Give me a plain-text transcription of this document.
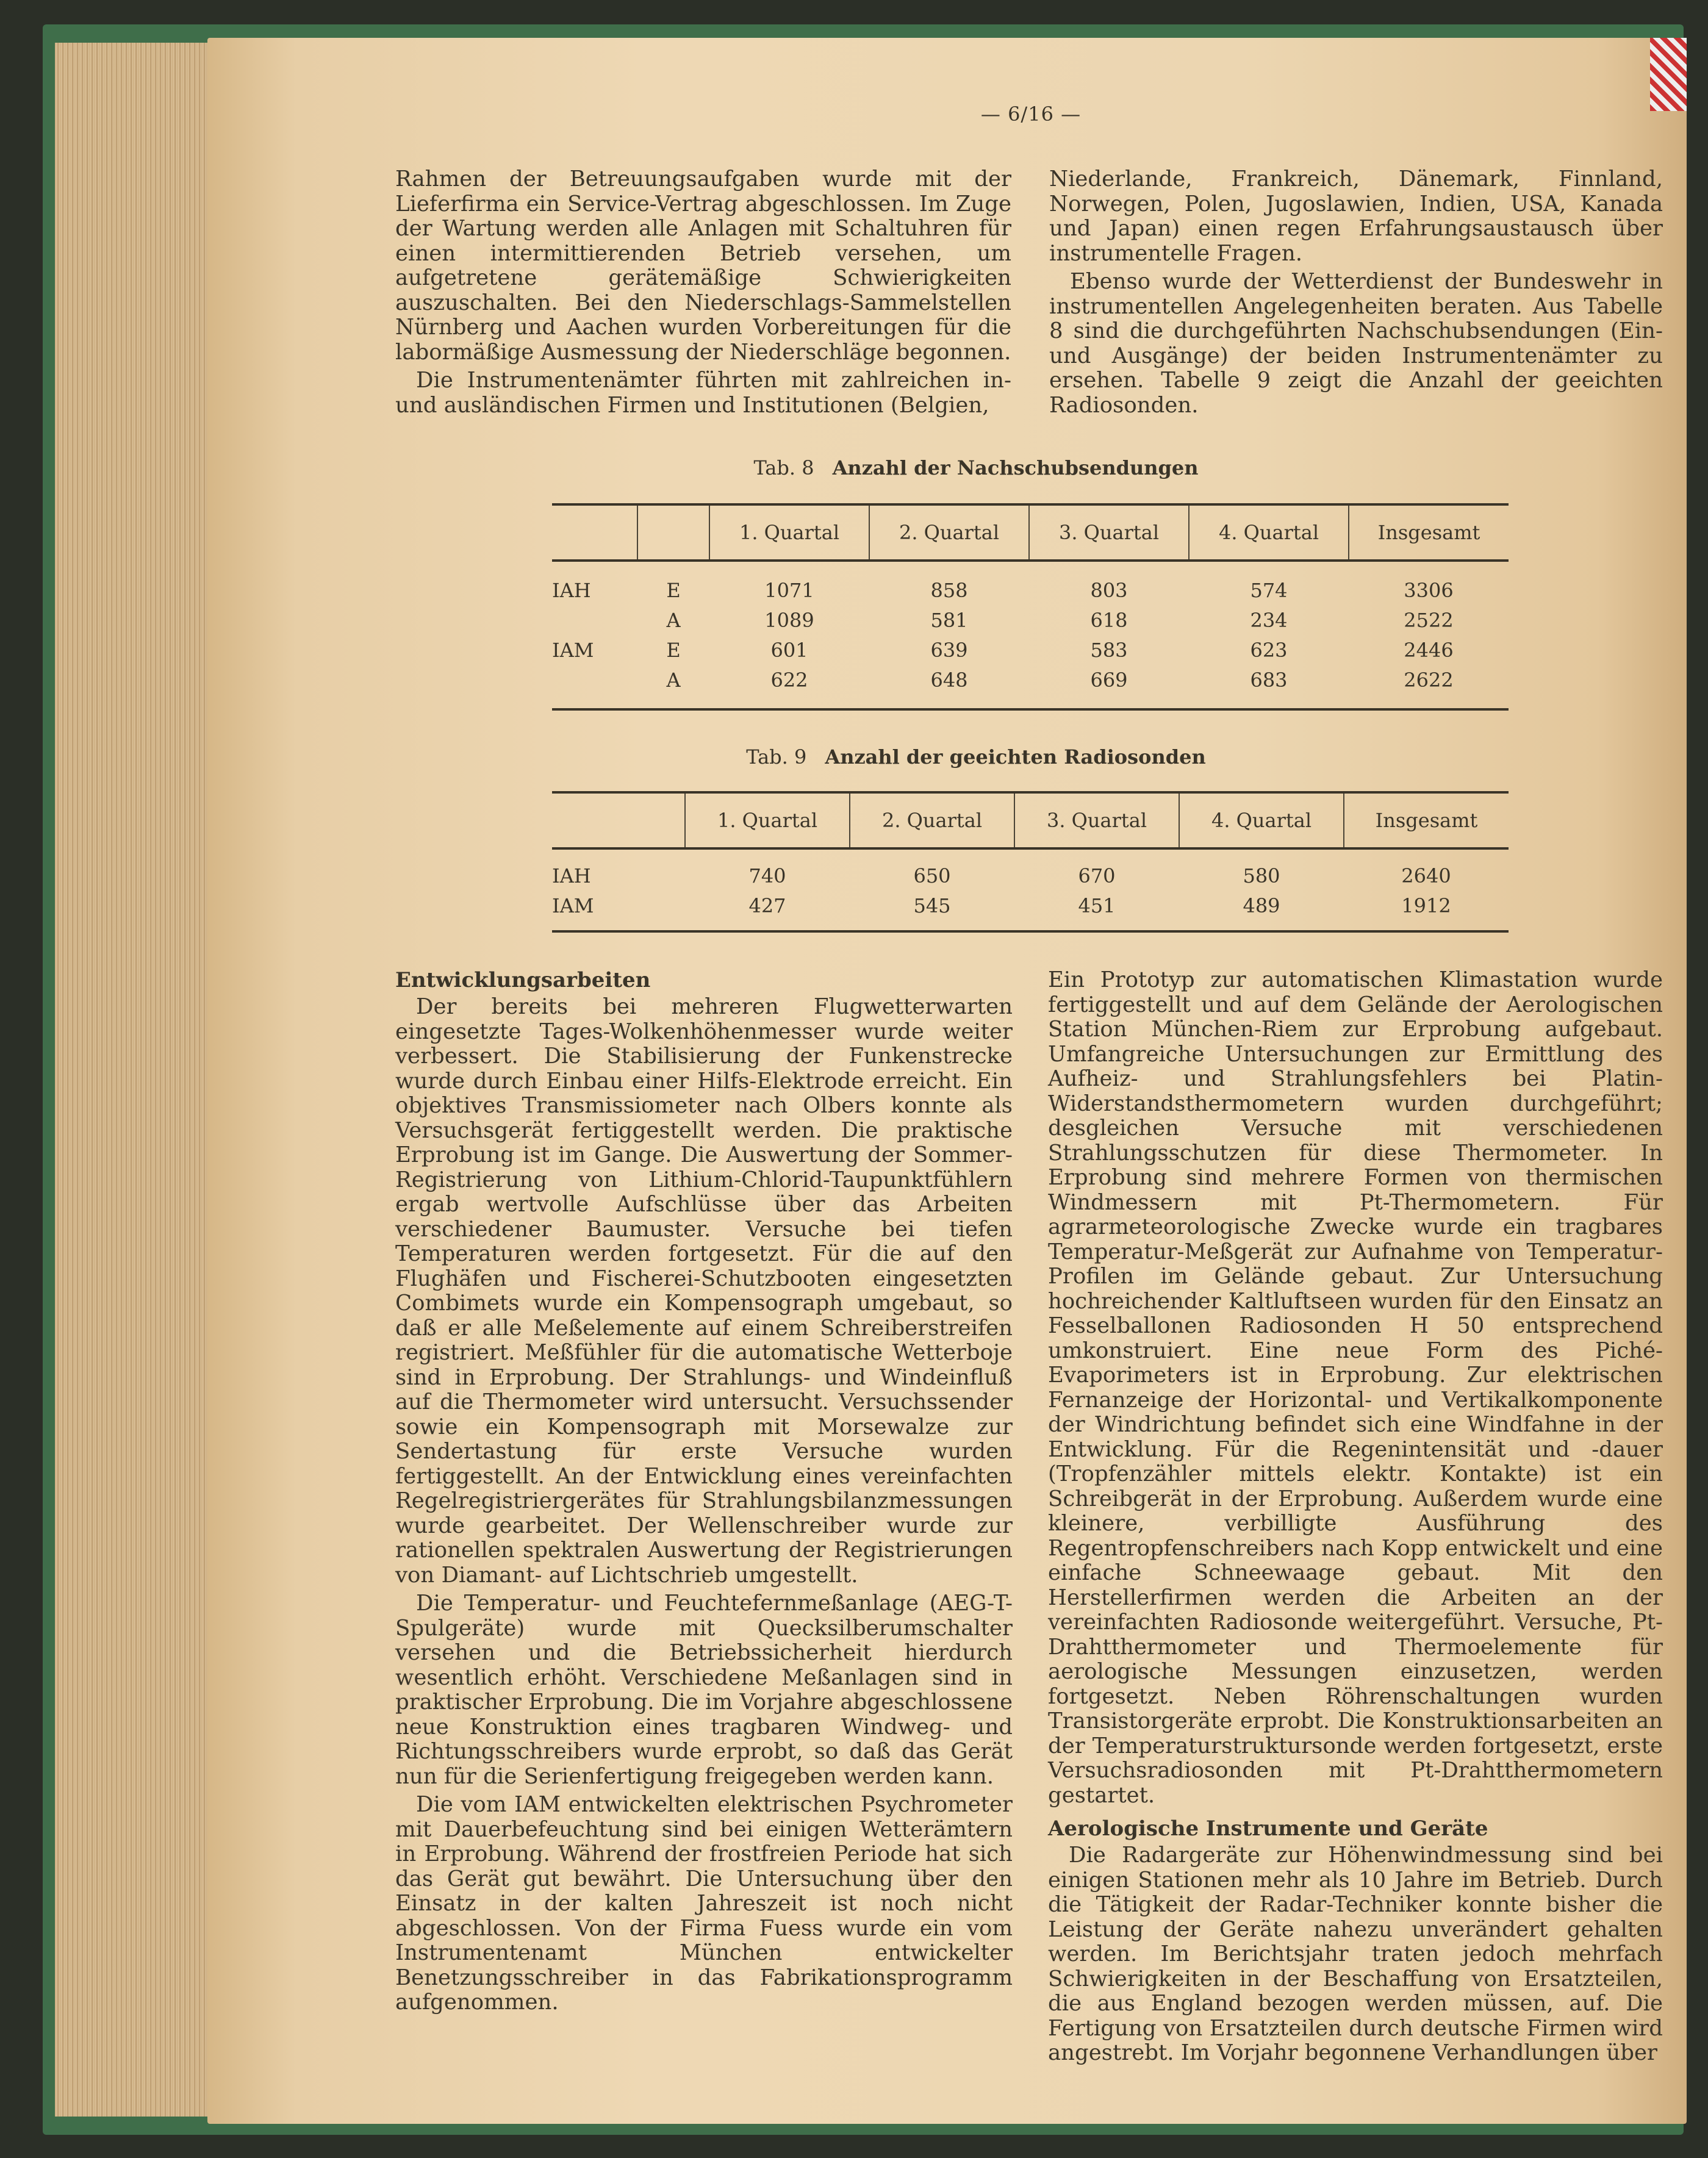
— 6/16 —

Rahmen der Betreuungsaufgaben wurde mit der Lieferfirma ein Service-Vertrag abgeschlossen. Im Zuge der Wartung werden alle Anlagen mit Schaltuhren für einen intermittierenden Betrieb versehen, um aufgetretene gerätemäßige Schwierigkeiten auszuschalten. Bei den Niederschlags-Sammelstellen Nürnberg und Aachen wurden Vorbereitungen für die labormäßige Ausmessung der Niederschläge begonnen.

Die Instrumentenämter führten mit zahlreichen in- und ausländischen Firmen und Institutionen (Belgien,

Niederlande, Frankreich, Dänemark, Finnland, Norwegen, Polen, Jugoslawien, Indien, USA, Kanada und Japan) einen regen Erfahrungsaustausch über instrumentelle Fragen.

Ebenso wurde der Wetterdienst der Bundeswehr in instrumentellen Angelegenheiten beraten. Aus Tabelle 8 sind die durchgeführten Nachschubsendungen (Ein- und Ausgänge) der beiden Instrumentenämter zu ersehen. Tabelle 9 zeigt die Anzahl der geeichten Radiosonden.

Tab. 8 Anzahl der Nachschubsendungen
		1. Quartal	2. Quartal	3. Quartal	4. Quartal	Insgesamt
IAH	E	1071	858	803	574	3306
	A	1089	581	618	234	2522
IAM	E	601	639	583	623	2446
	A	622	648	669	683	2622
Tab. 9 Anzahl der geeichten Radiosonden
	1. Quartal	2. Quartal	3. Quartal	4. Quartal	Insgesamt
IAH	740	650	670	580	2640
IAM	427	545	451	489	1912
Entwicklungsarbeiten

Der bereits bei mehreren Flugwetterwarten eingesetzte Tages-Wolkenhöhenmesser wurde weiter verbessert. Die Stabilisierung der Funkenstrecke wurde durch Einbau einer Hilfs-Elektrode erreicht. Ein objektives Transmissiometer nach Olbers konnte als Versuchsgerät fertiggestellt werden. Die praktische Erprobung ist im Gange. Die Auswertung der Sommer-Registrierung von Lithium-Chlorid-Taupunktfühlern ergab wertvolle Aufschlüsse über das Arbeiten verschiedener Baumuster. Versuche bei tiefen Temperaturen werden fortgesetzt. Für die auf den Flughäfen und Fischerei-Schutzbooten eingesetzten Combimets wurde ein Kompensograph umgebaut, so daß er alle Meßelemente auf einem Schreiberstreifen registriert. Meßfühler für die automatische Wetterboje sind in Erprobung. Der Strahlungs- und Windeinfluß auf die Thermometer wird untersucht. Versuchssender sowie ein Kompensograph mit Morsewalze zur Sendertastung für erste Versuche wurden fertiggestellt. An der Entwicklung eines vereinfachten Regelregistriergerätes für Strahlungsbilanzmessungen wurde gearbeitet. Der Wellenschreiber wurde zur rationellen spektralen Auswertung der Registrierungen von Diamant- auf Lichtschrieb umgestellt.

Die Temperatur- und Feuchtefernmeßanlage (AEG-T-Spulgeräte) wurde mit Quecksilberumschalter versehen und die Betriebssicherheit hierdurch wesentlich erhöht. Verschiedene Meßanlagen sind in praktischer Erprobung. Die im Vorjahre abgeschlossene neue Konstruktion eines tragbaren Windweg- und Richtungsschreibers wurde erprobt, so daß das Gerät nun für die Serienfertigung freigegeben werden kann.

Die vom IAM entwickelten elektrischen Psychrometer mit Dauerbefeuchtung sind bei einigen Wetterämtern in Erprobung. Während der frostfreien Periode hat sich das Gerät gut bewährt. Die Untersuchung über den Einsatz in der kalten Jahreszeit ist noch nicht abgeschlossen. Von der Firma Fuess wurde ein vom Instrumentenamt München entwickelter Benetzungsschreiber in das Fabrikationsprogramm aufgenommen.

Ein Prototyp zur automatischen Klimastation wurde fertiggestellt und auf dem Gelände der Aerologischen Station München-Riem zur Erprobung aufgebaut. Umfangreiche Untersuchungen zur Ermittlung des Aufheiz- und Strahlungsfehlers bei Platin-Widerstandsthermometern wurden durchgeführt; desgleichen Versuche mit verschiedenen Strahlungsschutzen für diese Thermometer. In Erprobung sind mehrere Formen von thermischen Windmessern mit Pt-Thermometern. Für agrarmeteorologische Zwecke wurde ein tragbares Temperatur-Meßgerät zur Aufnahme von Temperatur-Profilen im Gelände gebaut. Zur Untersuchung hochreichender Kaltluftseen wurden für den Einsatz an Fesselballonen Radiosonden H 50 entsprechend umkonstruiert. Eine neue Form des Piché-Evaporimeters ist in Erprobung. Zur elektrischen Fernanzeige der Horizontal- und Vertikalkomponente der Windrichtung befindet sich eine Windfahne in der Entwicklung. Für die Regenintensität und -dauer (Tropfenzähler mittels elektr. Kontakte) ist ein Schreibgerät in der Erprobung. Außerdem wurde eine kleinere, verbilligte Ausführung des Regentropfenschreibers nach Kopp entwickelt und eine einfache Schneewaage gebaut. Mit den Herstellerfirmen werden die Arbeiten an der vereinfachten Radiosonde weitergeführt. Versuche, Pt-Drahtthermometer und Thermoelemente für aerologische Messungen einzusetzen, werden fortgesetzt. Neben Röhrenschaltungen wurden Transistorgeräte erprobt. Die Konstruktionsarbeiten an der Temperaturstruktursonde werden fortgesetzt, erste Versuchsradiosonden mit Pt-Drahtthermometern gestartet.

Aerologische Instrumente und Geräte

Die Radargeräte zur Höhenwindmessung sind bei einigen Stationen mehr als 10 Jahre im Betrieb. Durch die Tätigkeit der Radar-Techniker konnte bisher die Leistung der Geräte nahezu unverändert gehalten werden. Im Berichtsjahr traten jedoch mehrfach Schwierigkeiten in der Beschaffung von Ersatzteilen, die aus England bezogen werden müssen, auf. Die Fertigung von Ersatzteilen durch deutsche Firmen wird angestrebt. Im Vorjahr begonnene Verhandlungen über
